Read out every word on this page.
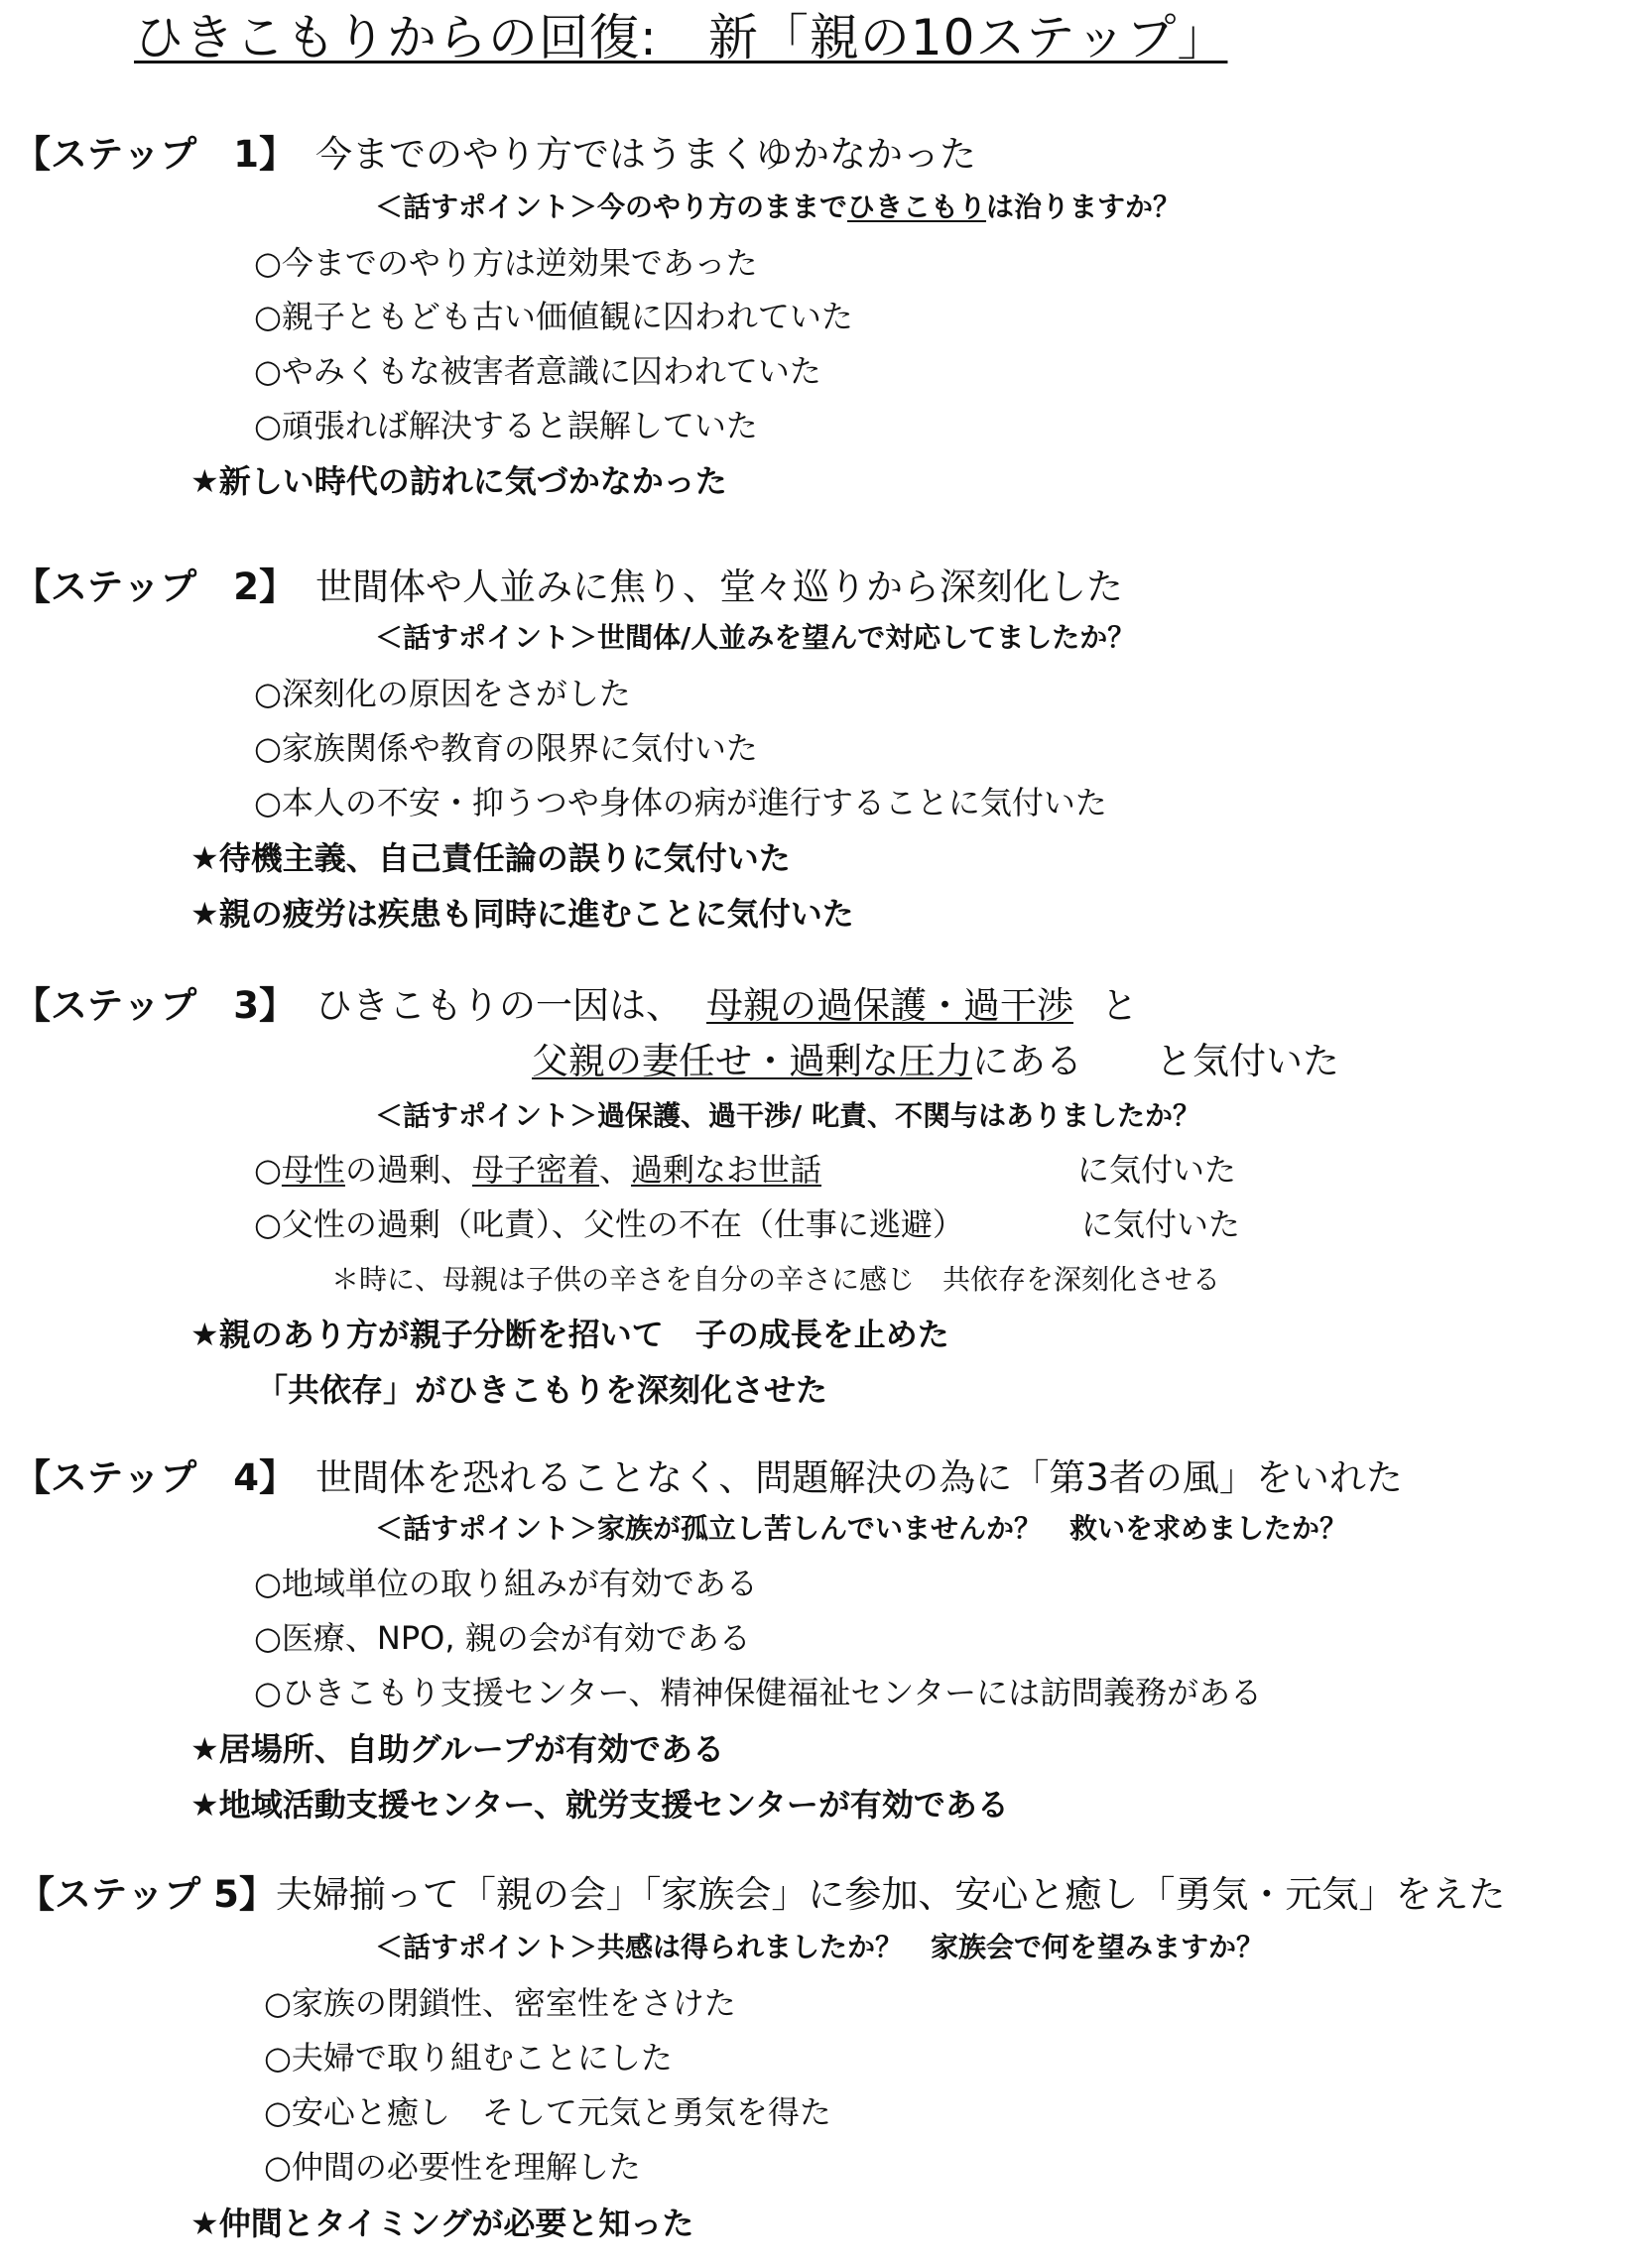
ひきこもりからの回復:　新「親の10ステップ」
【ステップ　1】 今までのやり方ではうまくゆかなかった
＜話すポイント＞今のやり方のままでひきこもりは治りますか？
○今までのやり方は逆効果であった
○親子ともども古い価値観に囚われていた
○やみくもな被害者意識に囚われていた
○頑張れば解決すると誤解していた
★新しい時代の訪れに気づかなかった
【ステップ　2】 世間体や人並みに焦り、堂々巡りから深刻化した
＜話すポイント＞世間体/人並みを望んで対応してましたか？
○深刻化の原因をさがした
○家族関係や教育の限界に気付いた
○本人の不安・抑うつや身体の病が進行することに気付いた
★待機主義、自己責任論の誤りに気付いた
★親の疲労は疾患も同時に進むことに気付いた
【ステップ　3】 ひきこもりの一因は、 母親の過保護・過干渉 と
父親の妻任せ・過剰な圧力にある　　と気付いた
＜話すポイント＞過保護、過干渉/ 叱責、不関与はありましたか？
○母性の過剰、母子密着、過剰なお世話	に気付いた
○父性の過剰（叱責）、父性の不在（仕事に逃避）	に気付いた
＊時に、母親は子供の辛さを自分の辛さに感じ　共依存を深刻化させる
★親のあり方が親子分断を招いて　子の成長を止めた
「共依存」がひきこもりを深刻化させた
【ステップ　4】 世間体を恐れることなく、問題解決の為に「第3者の風」をいれた
＜話すポイント＞家族が孤立し苦しんでいませんか？　救いを求めましたか？
○地域単位の取り組みが有効である
○医療、NPO, 親の会が有効である
○ひきこもり支援センター、精神保健福祉センターには訪問義務がある
★居場所、自助グループが有効である
★地域活動支援センター、就労支援センターが有効である
【ステップ 5】夫婦揃って「親の会」「家族会」に参加、安心と癒し「勇気・元気」をえた
＜話すポイント＞共感は得られましたか？　家族会で何を望みますか？
○家族の閉鎖性、密室性をさけた
○夫婦で取り組むことにした
○安心と癒し　そして元気と勇気を得た
○仲間の必要性を理解した
★仲間とタイミングが必要と知った
